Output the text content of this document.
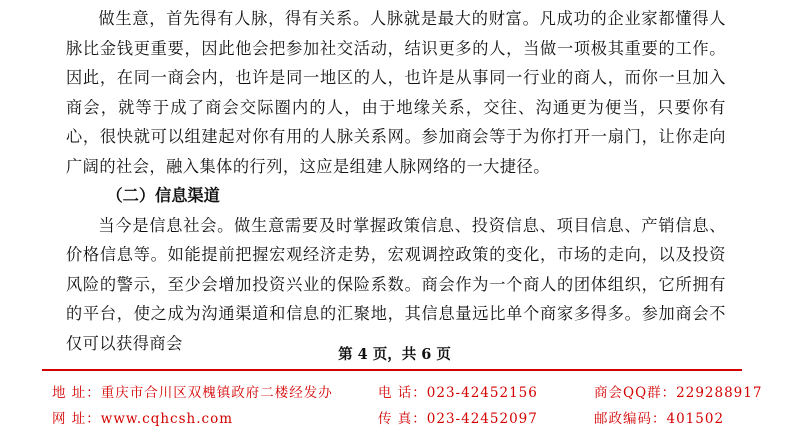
做生意，首先得有人脉，得有关系。人脉就是最大的财富。凡成功的企业家都懂得人脉比金钱更重要，因此他会把参加社交活动，结识更多的人，当做一项极其重要的工作。因此，在同一商会内，也许是同一地区的人，也许是从事同一行业的商人，而你一旦加入商会，就等于成了商会交际圈内的人，由于地缘关系，交往、沟通更为便当，只要你有心，很快就可以组建起对你有用的人脉关系网。参加商会等于为你打开一扇门，让你走向广阔的社会，融入集体的行列，这应是组建人脉网络的一大捷径。

（二）信息渠道

当今是信息社会。做生意需要及时掌握政策信息、投资信息、项目信息、产销信息、价格信息等。如能提前把握宏观经济走势，宏观调控政策的变化，市场的走向，以及投资风险的警示，至少会增加投资兴业的保险系数。商会作为一个商人的团体组织，它所拥有的平台，使之成为沟通渠道和信息的汇聚地，其信息量远比单个商家多得多。参加商会不仅可以获得商会

第 4 页，共 6 页
地 址：重庆市合川区双槐镇政府二楼经发办	电 话：023-42452156	商会QQ群：229288917
网 址：www.cqhcsh.com	传 真：023-42452097	邮政编码：401502
